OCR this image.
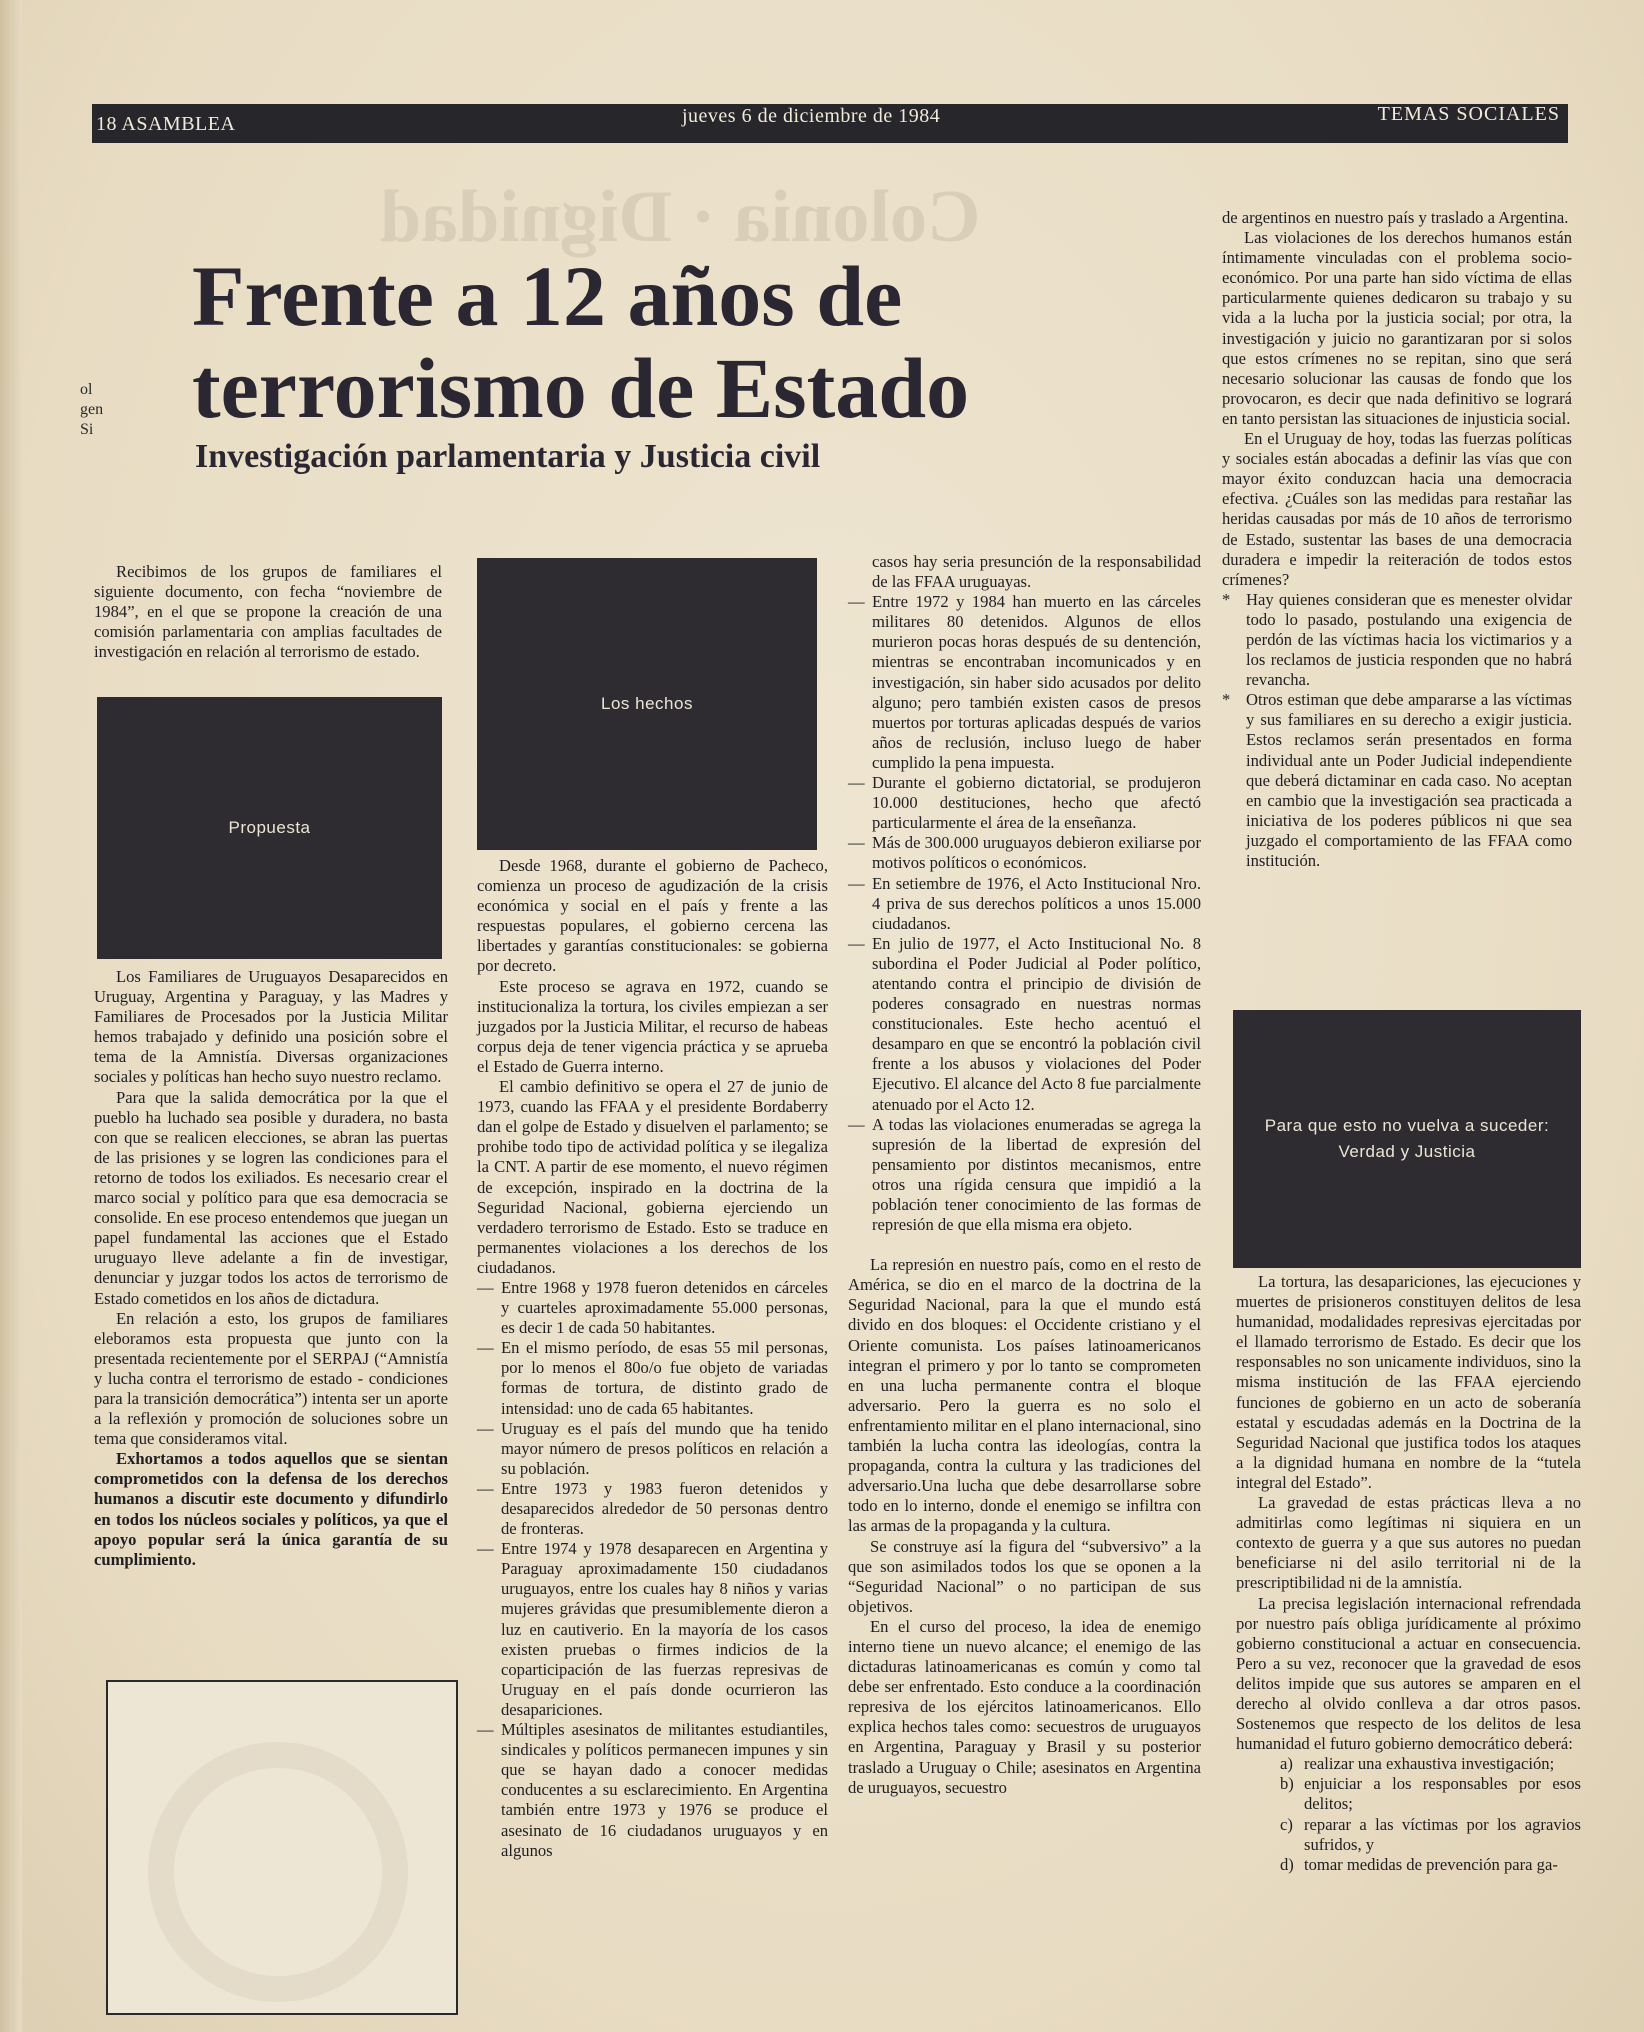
Colonia · Dignidad
18 ASAMBLEA	jueves 6 de diciembre de 1984	TEMAS SOCIALES
ol
gen
Si
Frente a 12 años de
terrorismo de Estado
Investigación parlamentaria y Justicia civil

Recibimos de los grupos de familiares el siguiente documento, con fecha “noviembre de 1984”, en el que se propone la creación de una comisión parlamentaria con amplias facultades de investigación en relación al terrorismo de estado.

Propuesta

Los Familiares de Uruguayos Desaparecidos en Uruguay, Argentina y Paraguay, y las Madres y Familiares de Procesados por la Justicia Militar hemos trabajado y definido una posición sobre el tema de la Amnistía. Diversas organizaciones sociales y políticas han hecho suyo nuestro reclamo.

Para que la salida democrática por la que el pueblo ha luchado sea posible y duradera, no basta con que se realicen elecciones, se abran las puertas de las prisiones y se logren las condiciones para el retorno de todos los exiliados. Es necesario crear el marco social y político para que esa democracia se consolide. En ese proceso entendemos que juegan un papel fundamental las acciones que el Estado uruguayo lleve adelante a fin de investigar, denunciar y juzgar todos los actos de terrorismo de Estado cometidos en los años de dictadura.

En relación a esto, los grupos de familiares eleboramos esta propuesta que junto con la presentada recientemente por el SERPAJ (“Amnistía y lucha contra el terrorismo de estado - condiciones para la transición democrática”) intenta ser un aporte a la reflexión y promoción de soluciones sobre un tema que consideramos vital.

Exhortamos a todos aquellos que se sientan comprometidos con la defensa de los derechos humanos a discutir este documento y difundirlo en todos los núcleos sociales y políticos, ya que el apoyo popular será la única garantía de su cumplimiento.

Los hechos

Desde 1968, durante el gobierno de Pacheco, comienza un proceso de agudización de la crisis económica y social en el país y frente a las respuestas populares, el gobierno cercena las libertades y garantías constitucionales: se gobierna por decreto.

Este proceso se agrava en 1972, cuando se institucionaliza la tortura, los civiles empiezan a ser juzgados por la Justicia Militar, el recurso de habeas corpus deja de tener vigencia práctica y se aprueba el Estado de Guerra interno.

El cambio definitivo se opera el 27 de junio de 1973, cuando las FFAA y el presidente Bordaberry dan el golpe de Estado y disuelven el parlamento; se prohibe todo tipo de actividad política y se ilegaliza la CNT. A partir de ese momento, el nuevo régimen de excepción, inspirado en la doctrina de la Seguridad Nacional, gobierna ejerciendo un verdadero terrorismo de Estado. Esto se traduce en permanentes violaciones a los derechos de los ciudadanos.

— Entre 1968 y 1978 fueron detenidos en cárceles y cuarteles aproximadamente 55.000 personas, es decir 1 de cada 50 habitantes.
— En el mismo período, de esas 55 mil personas, por lo menos el 80o/o fue objeto de variadas formas de tortura, de distinto grado de intensidad: uno de cada 65 habitantes.
— Uruguay es el país del mundo que ha tenido mayor número de presos políticos en relación a su población.
— Entre 1973 y 1983 fueron detenidos y desaparecidos alrededor de 50 personas dentro de fronteras.
— Entre 1974 y 1978 desaparecen en Argentina y Paraguay aproximadamente 150 ciudadanos uruguayos, entre los cuales hay 8 niños y varias mujeres grávidas que presumiblemente dieron a luz en cautiverio. En la mayoría de los casos existen pruebas o firmes indicios de la coparticipación de las fuerzas represivas de Uruguay en el país donde ocurrieron las desapariciones.
— Múltiples asesinatos de militantes estudiantiles, sindicales y políticos permanecen impunes y sin que se hayan dado a conocer medidas conducentes a su esclarecimiento. En Argentina también entre 1973 y 1976 se produce el asesinato de 16 ciudadanos uruguayos y en algunos

casos hay seria presunción de la responsabilidad de las FFAA uruguayas.

— Entre 1972 y 1984 han muerto en las cárceles militares 80 detenidos. Algunos de ellos murieron pocas horas después de su dentención, mientras se encontraban incomunicados y en investigación, sin haber sido acusados por delito alguno; pero también existen casos de presos muertos por torturas aplicadas después de varios años de reclusión, incluso luego de haber cumplido la pena impuesta.
— Durante el gobierno dictatorial, se produjeron 10.000 destituciones, hecho que afectó particularmente el área de la enseñanza.
— Más de 300.000 uruguayos debieron exiliarse por motivos políticos o económicos.
— En setiembre de 1976, el Acto Institucional Nro. 4 priva de sus derechos políticos a unos 15.000 ciudadanos.
— En julio de 1977, el Acto Institucional No. 8 subordina el Poder Judicial al Poder político, atentando contra el principio de división de poderes consagrado en nuestras normas constitucionales. Este hecho acentuó el desamparo en que se encontró la población civil frente a los abusos y violaciones del Poder Ejecutivo. El alcance del Acto 8 fue parcialmente atenuado por el Acto 12.
— A todas las violaciones enumeradas se agrega la supresión de la libertad de expresión del pensamiento por distintos mecanismos, entre otros una rígida censura que impidió a la población tener conocimiento de las formas de represión de que ella misma era objeto.

La represión en nuestro país, como en el resto de América, se dio en el marco de la doctrina de la Seguridad Nacional, para la que el mundo está divido en dos bloques: el Occidente cristiano y el Oriente comunista. Los países latinoamericanos integran el primero y por lo tanto se comprometen en una lucha permanente contra el bloque adversario. Pero la guerra es no solo el enfrentamiento militar en el plano internacional, sino también la lucha contra las ideologías, contra la propaganda, contra la cultura y las tradiciones del adversario.Una lucha que debe desarrollarse sobre todo en lo interno, donde el enemigo se infiltra con las armas de la propaganda y la cultura.

Se construye así la figura del “subversivo” a la que son asimilados todos los que se oponen a la “Seguridad Nacional” o no participan de sus objetivos.

En el curso del proceso, la idea de enemigo interno tiene un nuevo alcance; el enemigo de las dictaduras latinoamericanas es común y como tal debe ser enfrentado. Esto conduce a la coordinación represiva de los ejércitos latinoamericanos. Ello explica hechos tales como: secuestros de uruguayos en Argentina, Paraguay y Brasil y su posterior traslado a Uruguay o Chile; asesinatos en Argentina de uruguayos, secuestro

de argentinos en nuestro país y traslado a Argentina.

Las violaciones de los derechos humanos están íntimamente vinculadas con el problema socio-económico. Por una parte han sido víctima de ellas particularmente quienes dedicaron su trabajo y su vida a la lucha por la justicia social; por otra, la investigación y juicio no garantizaran por si solos que estos crímenes no se repitan, sino que será necesario solucionar las causas de fondo que los provocaron, es decir que nada definitivo se logrará en tanto persistan las situaciones de injusticia social.

En el Uruguay de hoy, todas las fuerzas políticas y sociales están abocadas a definir las vías que con mayor éxito conduzcan hacia una democracia efectiva. ¿Cuáles son las medidas para restañar las heridas causadas por más de 10 años de terrorismo de Estado, sustentar las bases de una democracia duradera e impedir la reiteración de todos estos crímenes?

* Hay quienes consideran que es menester olvidar todo lo pasado, postulando una exigencia de perdón de las víctimas hacia los victimarios y a los reclamos de justicia responden que no habrá revancha.
* Otros estiman que debe ampararse a las víctimas y sus familiares en su derecho a exigir justicia. Estos reclamos serán presentados en forma individual ante un Poder Judicial independiente que deberá dictaminar en cada caso. No aceptan en cambio que la investigación sea practicada a iniciativa de los poderes públicos ni que sea juzgado el comportamiento de las FFAA como institución.
Para que esto no vuelva a suceder:
Verdad y Justicia

La tortura, las desapariciones, las ejecuciones y muertes de prisioneros constituyen delitos de lesa humanidad, modalidades represivas ejercitadas por el llamado terrorismo de Estado. Es decir que los responsables no son unicamente individuos, sino la misma institución de las FFAA ejerciendo funciones de gobierno en un acto de soberanía estatal y escudadas además en la Doctrina de la Seguridad Nacional que justifica todos los ataques a la dignidad humana en nombre de la “tutela integral del Estado”.

La gravedad de estas prácticas lleva a no admitirlas como legítimas ni siquiera en un contexto de guerra y a que sus autores no puedan beneficiarse ni del asilo territorial ni de la prescriptibilidad ni de la amnistía.

La precisa legislación internacional refrendada por nuestro país obliga jurídicamente al próximo gobierno constitucional a actuar en consecuencia. Pero a su vez, reconocer que la gravedad de esos delitos impide que sus autores se amparen en el derecho al olvido conlleva a dar otros pasos. Sostenemos que respecto de los delitos de lesa humanidad el futuro gobierno democrático deberá:

a) realizar una exhaustiva investigación;
b) enjuiciar a los responsables por esos delitos;
c) reparar a las víctimas por los agravios sufridos, y
d) tomar medidas de prevención para ga-
